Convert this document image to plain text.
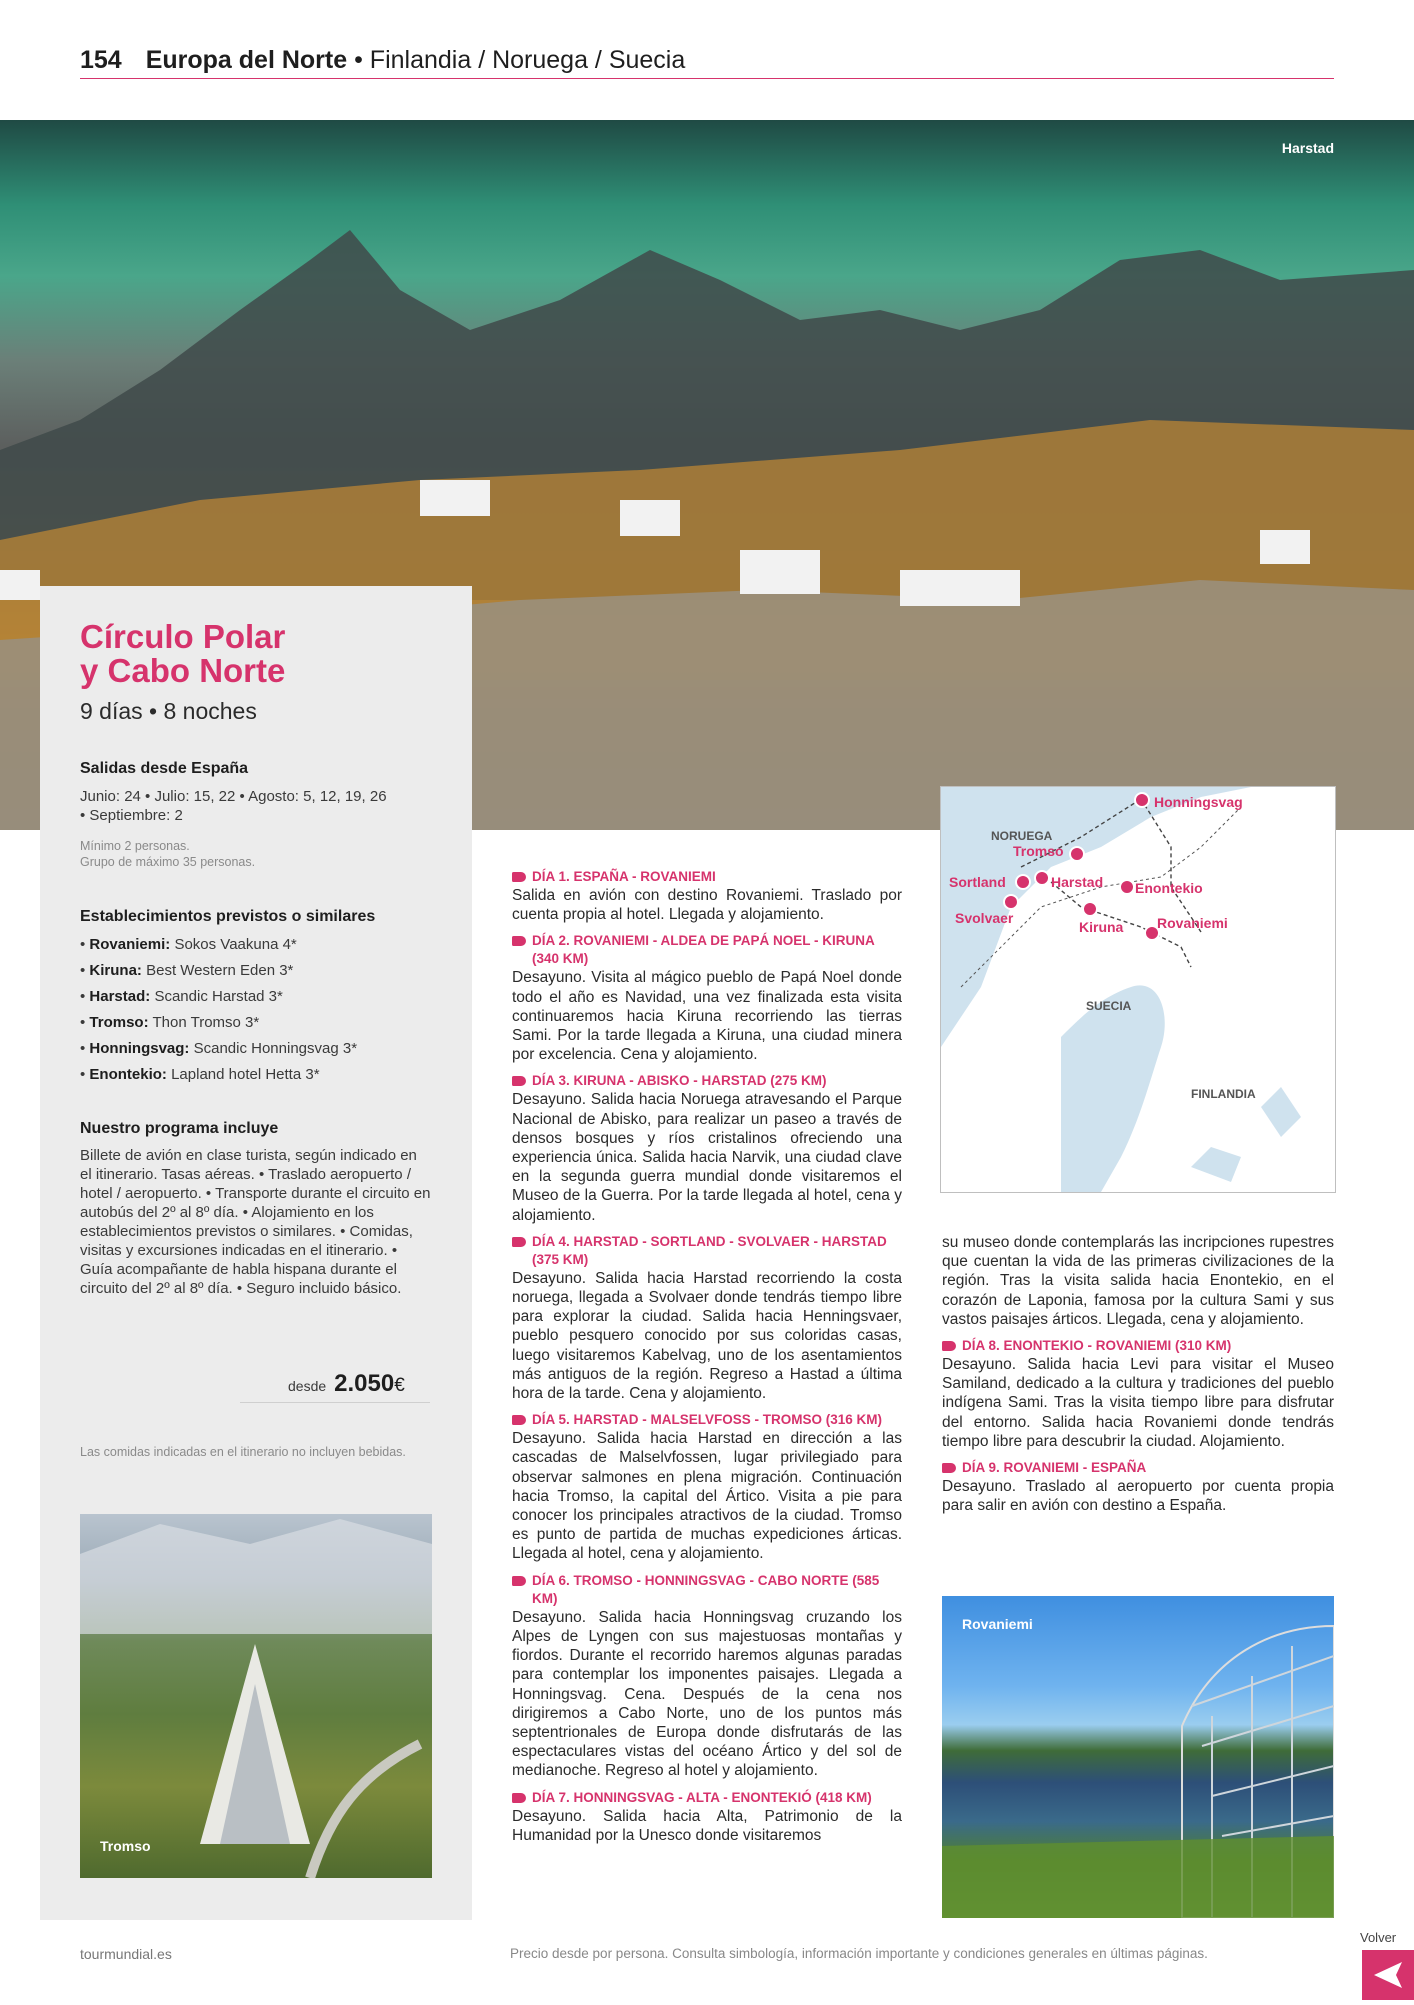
154 Europa del Norte • Finlandia / Noruega / Suecia
Harstad
Círculo Polar
y Cabo Norte
9 días • 8 noches
Salidas desde España
Junio: 24 • Julio: 15, 22 • Agosto: 5, 12, 19, 26
• Septiembre: 2
Mínimo 2 personas.
Grupo de máximo 35 personas.
Establecimientos previstos o similares
• Rovaniemi: Sokos Vaakuna 4*
• Kiruna: Best Western Eden 3*
• Harstad: Scandic Harstad 3*
• Tromso: Thon Tromso 3*
• Honningsvag: Scandic Honningsvag 3*
• Enontekio: Lapland hotel Hetta 3*
Nuestro programa incluye
Billete de avión en clase turista, según indicado en el itinerario. Tasas aéreas. • Traslado aeropuerto / hotel / aeropuerto. • Transporte durante el circuito en autobús del 2º al 8º día. • Alojamiento en los establecimientos previstos o similares. • Comidas, visitas y excursiones indicadas en el itinerario. • Guía acompañante de habla hispana durante el circuito del 2º al 8º día. • Seguro incluido básico.
desde 2.050€
Las comidas indicadas en el itinerario no incluyen bebidas.
Tromso
DÍA 1. ESPAÑA - ROVANIEMI
Salida en avión con destino Rovaniemi. Traslado por cuenta propia al hotel. Llegada y alojamiento.
DÍA 2. ROVANIEMI - ALDEA DE PAPÁ NOEL - KIRUNA (340 KM)
Desayuno. Visita al mágico pueblo de Papá Noel donde todo el año es Navidad, una vez finalizada esta visita continuaremos hacia Kiruna recorriendo las tierras Sami. Por la tarde llegada a Kiruna, una ciudad minera por excelencia. Cena y alojamiento.
DÍA 3. KIRUNA - ABISKO - HARSTAD (275 KM)
Desayuno. Salida hacia Noruega atravesando el Parque Nacional de Abisko, para realizar un paseo a través de densos bosques y ríos cristalinos ofreciendo una experiencia única. Salida hacia Narvik, una ciudad clave en la segunda guerra mundial donde visitaremos el Museo de la Guerra. Por la tarde llegada al hotel, cena y alojamiento.
DÍA 4. HARSTAD - SORTLAND - SVOLVAER - HARSTAD (375 KM)
Desayuno. Salida hacia Harstad recorriendo la costa noruega, llegada a Svolvaer donde tendrás tiempo libre para explorar la ciudad. Salida hacia Henningsvaer, pueblo pesquero conocido por sus coloridas casas, luego visitaremos Kabelvag, uno de los asentamientos más antiguos de la región. Regreso a Hastad a última hora de la tarde. Cena y alojamiento.
DÍA 5. HARSTAD - MALSELVFOSS - TROMSO (316 KM)
Desayuno. Salida hacia Harstad en dirección a las cascadas de Malselvfossen, lugar privilegiado para observar salmones en plena migración. Continuación hacia Tromso, la capital del Ártico. Visita a pie para conocer los principales atractivos de la ciudad. Tromso es punto de partida de muchas expediciones árticas. Llegada al hotel, cena y alojamiento.
DÍA 6. TROMSO - HONNINGSVAG - CABO NORTE (585 KM)
Desayuno. Salida hacia Honningsvag cruzando los Alpes de Lyngen con sus majestuosas montañas y fiordos. Durante el recorrido haremos algunas paradas para contemplar los imponentes paisajes. Llegada a Honningsvag. Cena. Después de la cena nos dirigiremos a Cabo Norte, uno de los puntos más septentrionales de Europa donde disfrutarás de las espectaculares vistas del océano Ártico y del sol de medianoche. Regreso al hotel y alojamiento.
DÍA 7. HONNINGSVAG - ALTA - ENONTEKIÓ (418 KM)
Desayuno. Salida hacia Alta, Patrimonio de la Humanidad por la Unesco donde visitaremos
NORUEGA
SUECIA
FINLANDIA
Honningsvag
Tromso
Sortland	Harstad
Svolvaer
Enontekio
Kiruna Rovaniemi
su museo donde contemplarás las incripciones rupestres que cuentan la vida de las primeras civilizaciones de la región. Tras la visita salida hacia Enontekio, en el corazón de Laponia, famosa por la cultura Sami y sus vastos paisajes árticos. Llegada, cena y alojamiento.
DÍA 8. ENONTEKIO - ROVANIEMI (310 KM)
Desayuno. Salida hacia Levi para visitar el Museo Samiland, dedicado a la cultura y tradiciones del pueblo indígena Sami. Tras la visita tiempo libre para disfrutar del entorno. Salida hacia Rovaniemi donde tendrás tiempo libre para descubrir la ciudad. Alojamiento.
DÍA 9. ROVANIEMI - ESPAÑA
Desayuno. Traslado al aeropuerto por cuenta propia para salir en avión con destino a España.
Rovaniemi
tourmundial.es	Precio desde por persona. Consulta simbología, información importante y condiciones generales en últimas páginas.
Volver
